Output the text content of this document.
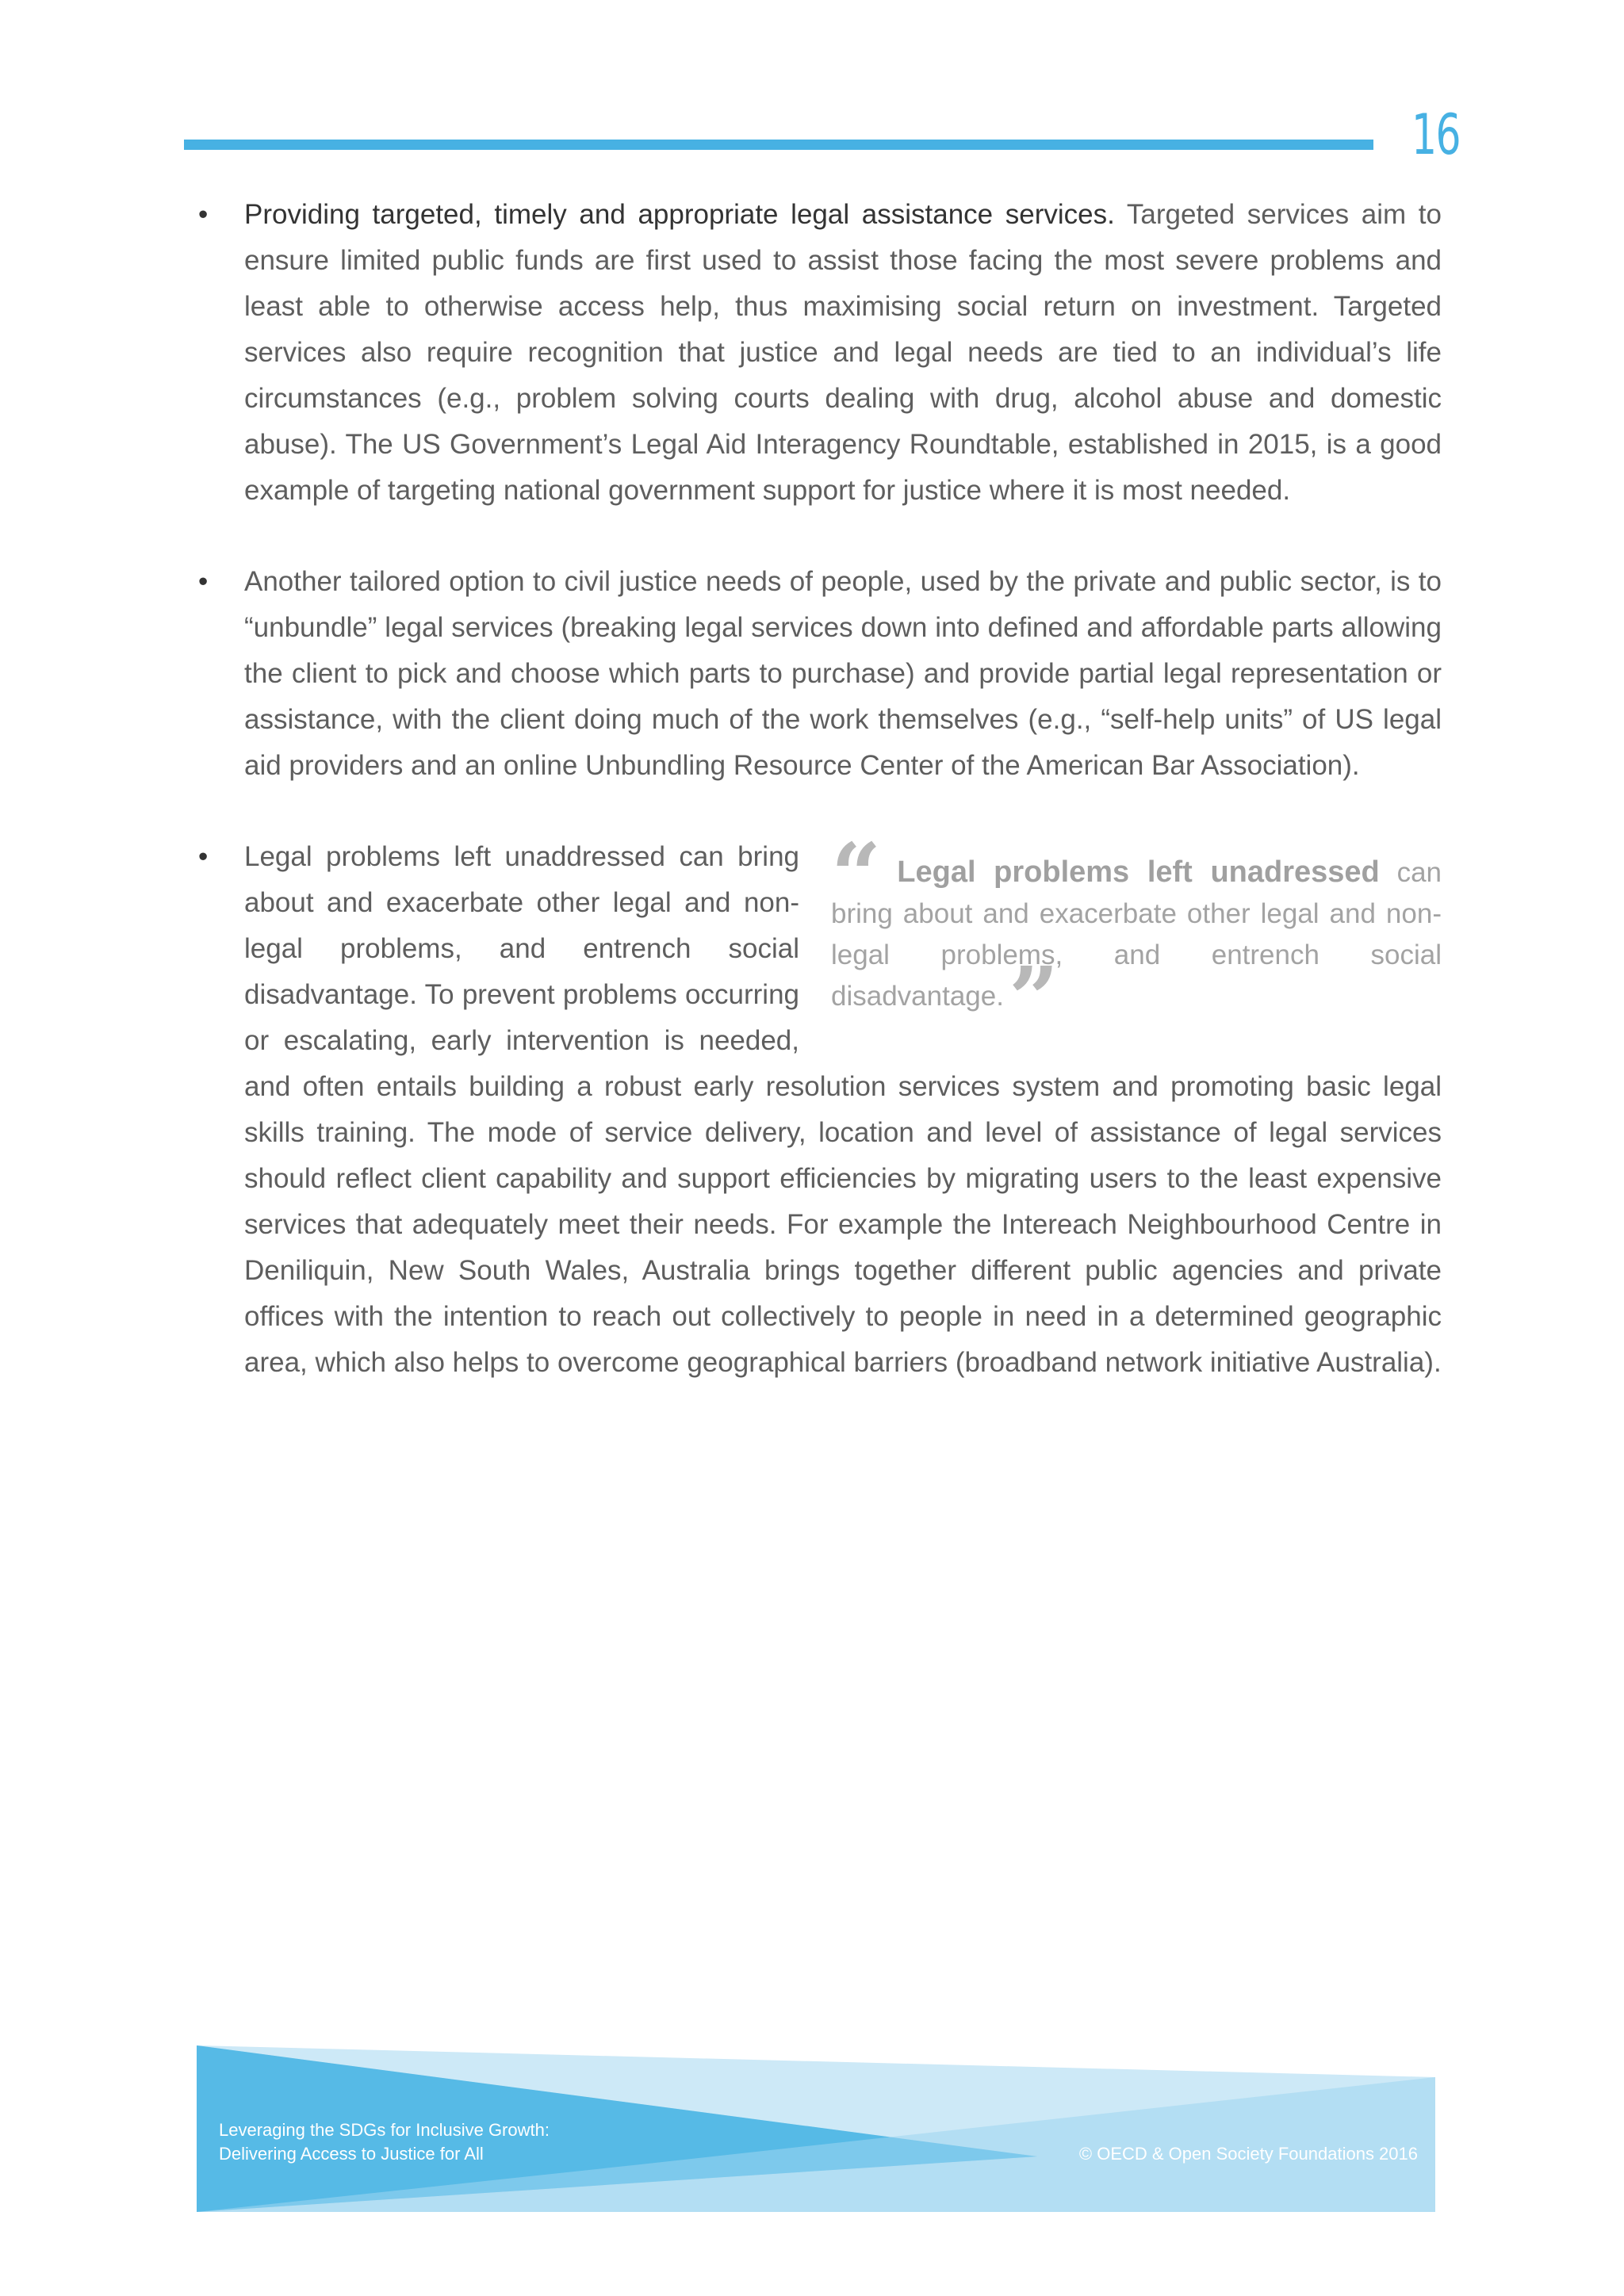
16
• Providing targeted, timely and appropriate legal assistance services. Targeted services aim to ensure limited public funds are first used to assist those facing the most severe problems and least able to otherwise access help, thus maximising social return on investment. Targeted services also require recognition that justice and legal needs are tied to an individual’s life circumstances (e.g., problem solving courts dealing with drug, alcohol abuse and domestic abuse). The US Government’s Legal Aid Interagency Roundtable, established in 2015, is a good example of targeting national government support for justice where it is most needed.
• Another tailored option to civil justice needs of people, used by the private and public sector, is to “unbundle” legal services (breaking legal services down into defined and affordable parts allowing the client to pick and choose which parts to purchase) and provide partial legal representation or assistance, with the client doing much of the work themselves (e.g., “self-help units” of US legal aid providers and an online Unbundling Resource Center of the American Bar Association).
•	“ Legal problems left unadressed can bring about and exacerbate other legal and non-legal problems, and entrench social disadvantage.”
Legal problems left unaddressed can bring about and exacerbate other legal and non-legal problems, and entrench social disadvantage. To prevent problems occurring or escalating, early intervention is needed, and often entails building a robust early resolution services system and promoting basic legal skills training. The mode of service delivery, location and level of assistance of legal services should reflect client capability and support efficiencies by migrating users to the least expensive services that adequately meet their needs. For example the Intereach Neighbourhood Centre in Deniliquin, New South Wales, Australia brings together different public agencies and private offices with the intention to reach out collectively to people in need in a determined geographic area, which also helps to overcome geographical barriers (broadband network initiative Australia).
Leveraging the SDGs for Inclusive Growth:
Delivering Access to Justice for All	© OECD & Open Society Foundations 2016
